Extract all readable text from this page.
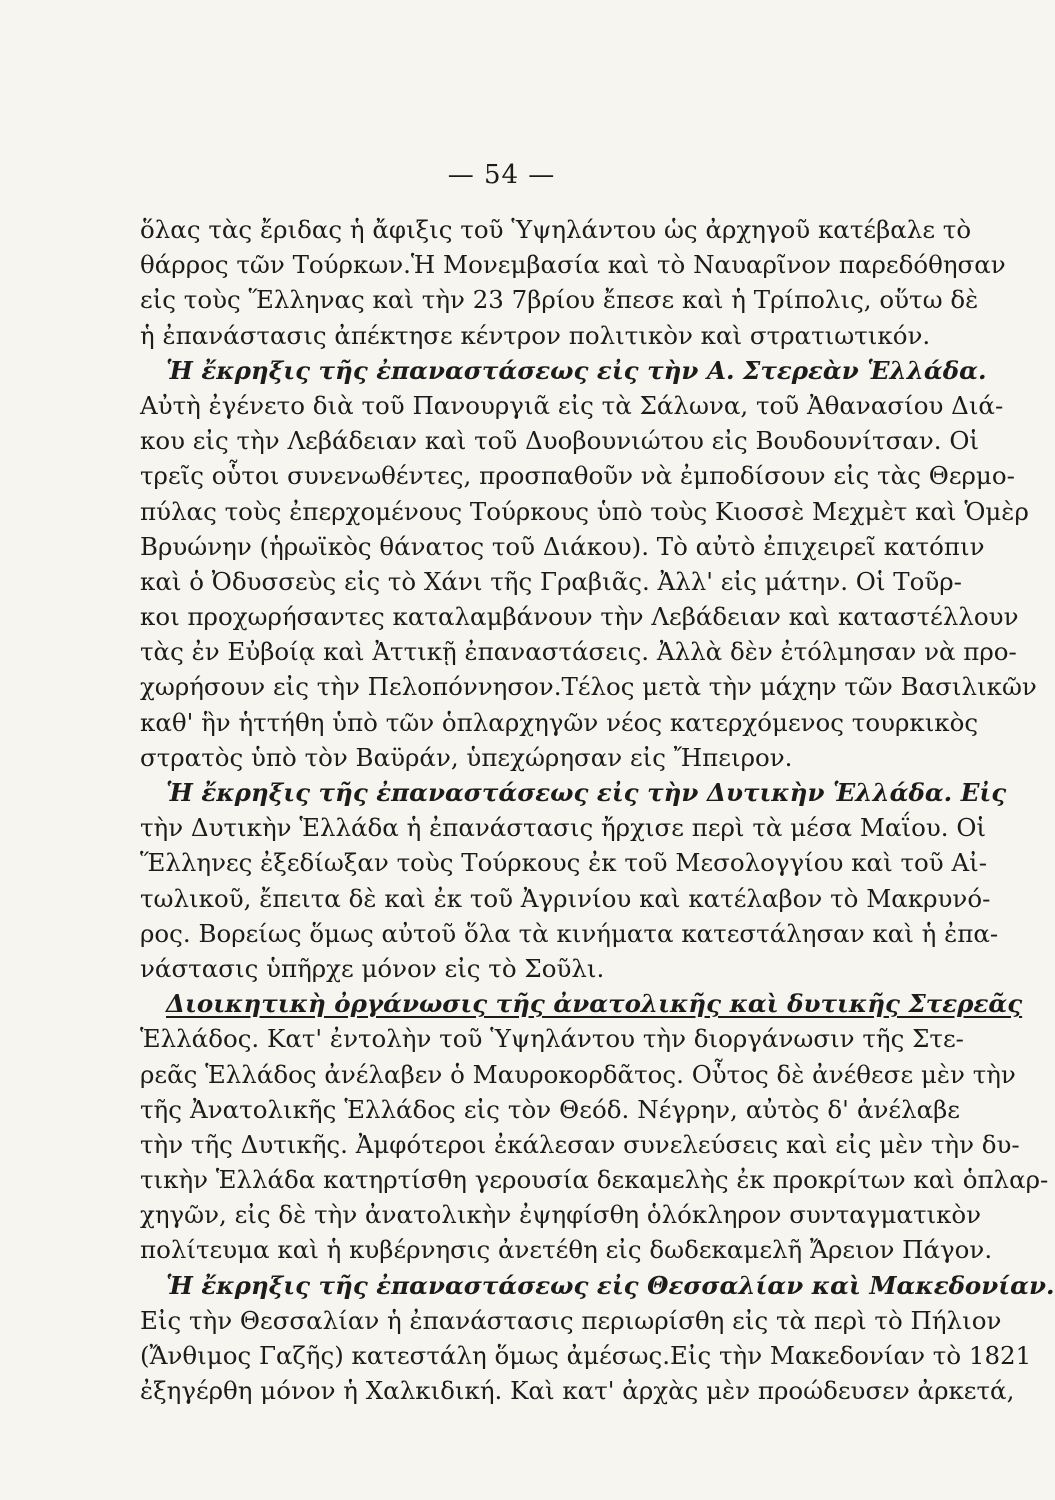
— 54 —
ὅλας τὰς ἔριδας ἡ ἄφιξις τοῦ Ὑψηλάντου ὡς ἀρχηγοῦ κατέβαλε τὸ
θάρρος τῶν Τούρκων.Ἡ Μονεμβασία καὶ τὸ Ναυαρῖνον παρεδόθησαν
εἰς τοὺς Ἕλληνας καὶ τὴν 23 7βρίου ἔπεσε καὶ ἡ Τρίπολις, οὕτω δὲ
ἡ ἐπανάστασις ἀπέκτησε κέντρον πολιτικὸν καὶ στρατιωτικόν.
Ἡ ἔκρηξις τῆς ἐπαναστάσεως εἰς τὴν Α. Στερεὰν Ἑλλάδα.
Αὐτὴ ἐγένετο διὰ τοῦ Πανουργιᾶ εἰς τὰ Σάλωνα, τοῦ Ἀθανασίου Διά-
κου εἰς τὴν Λεβάδειαν καὶ τοῦ Δυοβουνιώτου εἰς Βουδουνίτσαν. Οἱ
τρεῖς οὗτοι συνενωθέντες, προσπαθοῦν νὰ ἐμποδίσουν εἰς τὰς Θερμο-
πύλας τοὺς ἐπερχομένους Τούρκους ὑπὸ τοὺς Κιοσσὲ Μεχμὲτ καὶ Ὁμὲρ
Βρυώνην (ἡρωϊκὸς θάνατος τοῦ Διάκου). Τὸ αὐτὸ ἐπιχειρεῖ κατόπιν
καὶ ὁ Ὀδυσσεὺς εἰς τὸ Χάνι τῆς Γραβιᾶς. Ἀλλ' εἰς μάτην. Οἱ Τοῦρ-
κοι προχωρήσαντες καταλαμβάνουν τὴν Λεβάδειαν καὶ καταστέλλουν
τὰς ἐν Εὐβοίᾳ καὶ Ἀττικῇ ἐπαναστάσεις. Ἀλλὰ δὲν ἐτόλμησαν νὰ προ-
χωρήσουν εἰς τὴν Πελοπόννησον.Τέλος μετὰ τὴν μάχην τῶν Βασιλικῶν
καθ' ἣν ἡττήθη ὑπὸ τῶν ὁπλαρχηγῶν νέος κατερχόμενος τουρκικὸς
στρατὸς ὑπὸ τὸν Βαϋράν, ὑπεχώρησαν εἰς Ἤπειρον.
Ἡ ἔκρηξις τῆς ἐπαναστάσεως εἰς τὴν Δυτικὴν Ἑλλάδα. Εἰς
τὴν Δυτικὴν Ἑλλάδα ἡ ἐπανάστασις ἤρχισε περὶ τὰ μέσα Μαΐου. Οἱ
Ἕλληνες ἐξεδίωξαν τοὺς Τούρκους ἐκ τοῦ Μεσολογγίου καὶ τοῦ Αἰ-
τωλικοῦ, ἔπειτα δὲ καὶ ἐκ τοῦ Ἀγρινίου καὶ κατέλαβον τὸ Μακρυνό-
ρος. Βορείως ὅμως αὐτοῦ ὅλα τὰ κινήματα κατεστάλησαν καὶ ἡ ἐπα-
νάστασις ὑπῆρχε μόνον εἰς τὸ Σοῦλι.
Διοικητικὴ ὀργάνωσις τῆς ἀνατολικῆς καὶ δυτικῆς Στερεᾶς
Ἑλλάδος. Κατ' ἐντολὴν τοῦ Ὑψηλάντου τὴν διοργάνωσιν τῆς Στε-
ρεᾶς Ἑλλάδος ἀνέλαβεν ὁ Μαυροκορδᾶτος. Οὗτος δὲ ἀνέθεσε μὲν τὴν
τῆς Ἀνατολικῆς Ἑλλάδος εἰς τὸν Θεόδ. Νέγρην, αὐτὸς δ' ἀνέλαβε
τὴν τῆς Δυτικῆς. Ἀμφότεροι ἐκάλεσαν συνελεύσεις καὶ εἰς μὲν τὴν δυ-
τικὴν Ἑλλάδα κατηρτίσθη γερουσία δεκαμελὴς ἐκ προκρίτων καὶ ὁπλαρ-
χηγῶν, εἰς δὲ τὴν ἀνατολικὴν ἐψηφίσθη ὁλόκληρον συνταγματικὸν
πολίτευμα καὶ ἡ κυβέρνησις ἀνετέθη εἰς δωδεκαμελῆ Ἄρειον Πάγον.
Ἡ ἔκρηξις τῆς ἐπαναστάσεως εἰς Θεσσαλίαν καὶ Μακεδονίαν.
Εἰς τὴν Θεσσαλίαν ἡ ἐπανάστασις περιωρίσθη εἰς τὰ περὶ τὸ Πήλιον
(Ἄνθιμος Γαζῆς) κατεστάλη ὅμως ἀμέσως.Εἰς τὴν Μακεδονίαν τὸ 1821
ἐξηγέρθη μόνον ἡ Χαλκιδική. Καὶ κατ' ἀρχὰς μὲν προώδευσεν ἀρκετά,
